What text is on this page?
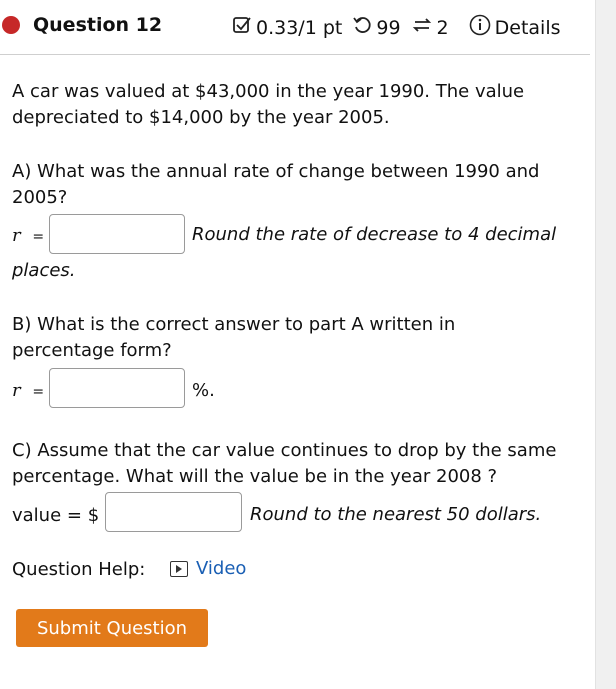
Question 12	0.33/1 pt 99 2 Details
A car was valued at $43,000 in the year 1990. The value
depreciated to $14,000 by the year 2005.
A) What was the annual rate of change between 1990 and
2005?
r =	Round the rate of decrease to 4 decimal
places.
B) What is the correct answer to part A written in
percentage form?
r =	%.
C) Assume that the car value continues to drop by the same
percentage. What will the value be in the year 2008 ?
value = $	Round to the nearest 50 dollars.
Question Help:	Video
Submit Question
